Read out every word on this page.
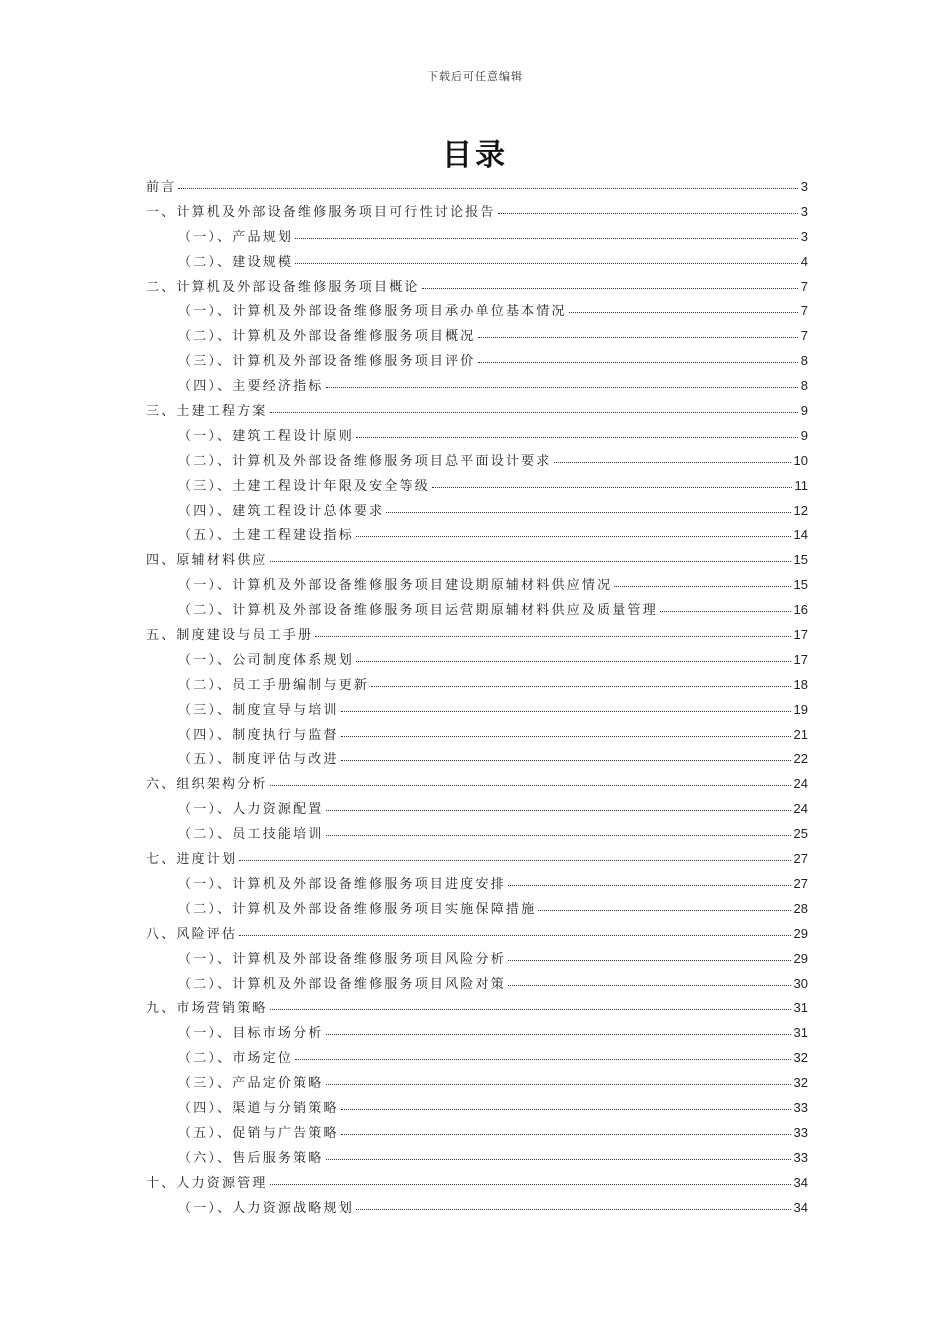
下载后可任意编辑
目录
前言	3
一、计算机及外部设备维修服务项目可行性讨论报告	3
（一）、产品规划	3
（二）、建设规模	4
二、计算机及外部设备维修服务项目概论	7
（一）、计算机及外部设备维修服务项目承办单位基本情况	7
（二）、计算机及外部设备维修服务项目概况	7
（三）、计算机及外部设备维修服务项目评价	8
（四）、主要经济指标	8
三、土建工程方案	9
（一）、建筑工程设计原则	9
（二）、计算机及外部设备维修服务项目总平面设计要求	10
（三）、土建工程设计年限及安全等级	11
（四）、建筑工程设计总体要求	12
（五）、土建工程建设指标	14
四、原辅材料供应	15
（一）、计算机及外部设备维修服务项目建设期原辅材料供应情况	15
（二）、计算机及外部设备维修服务项目运营期原辅材料供应及质量管理	16
五、制度建设与员工手册	17
（一）、公司制度体系规划	17
（二）、员工手册编制与更新	18
（三）、制度宣导与培训	19
（四）、制度执行与监督	21
（五）、制度评估与改进	22
六、组织架构分析	24
（一）、人力资源配置	24
（二）、员工技能培训	25
七、进度计划	27
（一）、计算机及外部设备维修服务项目进度安排	27
（二）、计算机及外部设备维修服务项目实施保障措施	28
八、风险评估	29
（一）、计算机及外部设备维修服务项目风险分析	29
（二）、计算机及外部设备维修服务项目风险对策	30
九、市场营销策略	31
（一）、目标市场分析	31
（二）、市场定位	32
（三）、产品定价策略	32
（四）、渠道与分销策略	33
（五）、促销与广告策略	33
（六）、售后服务策略	33
十、人力资源管理	34
（一）、人力资源战略规划	34
